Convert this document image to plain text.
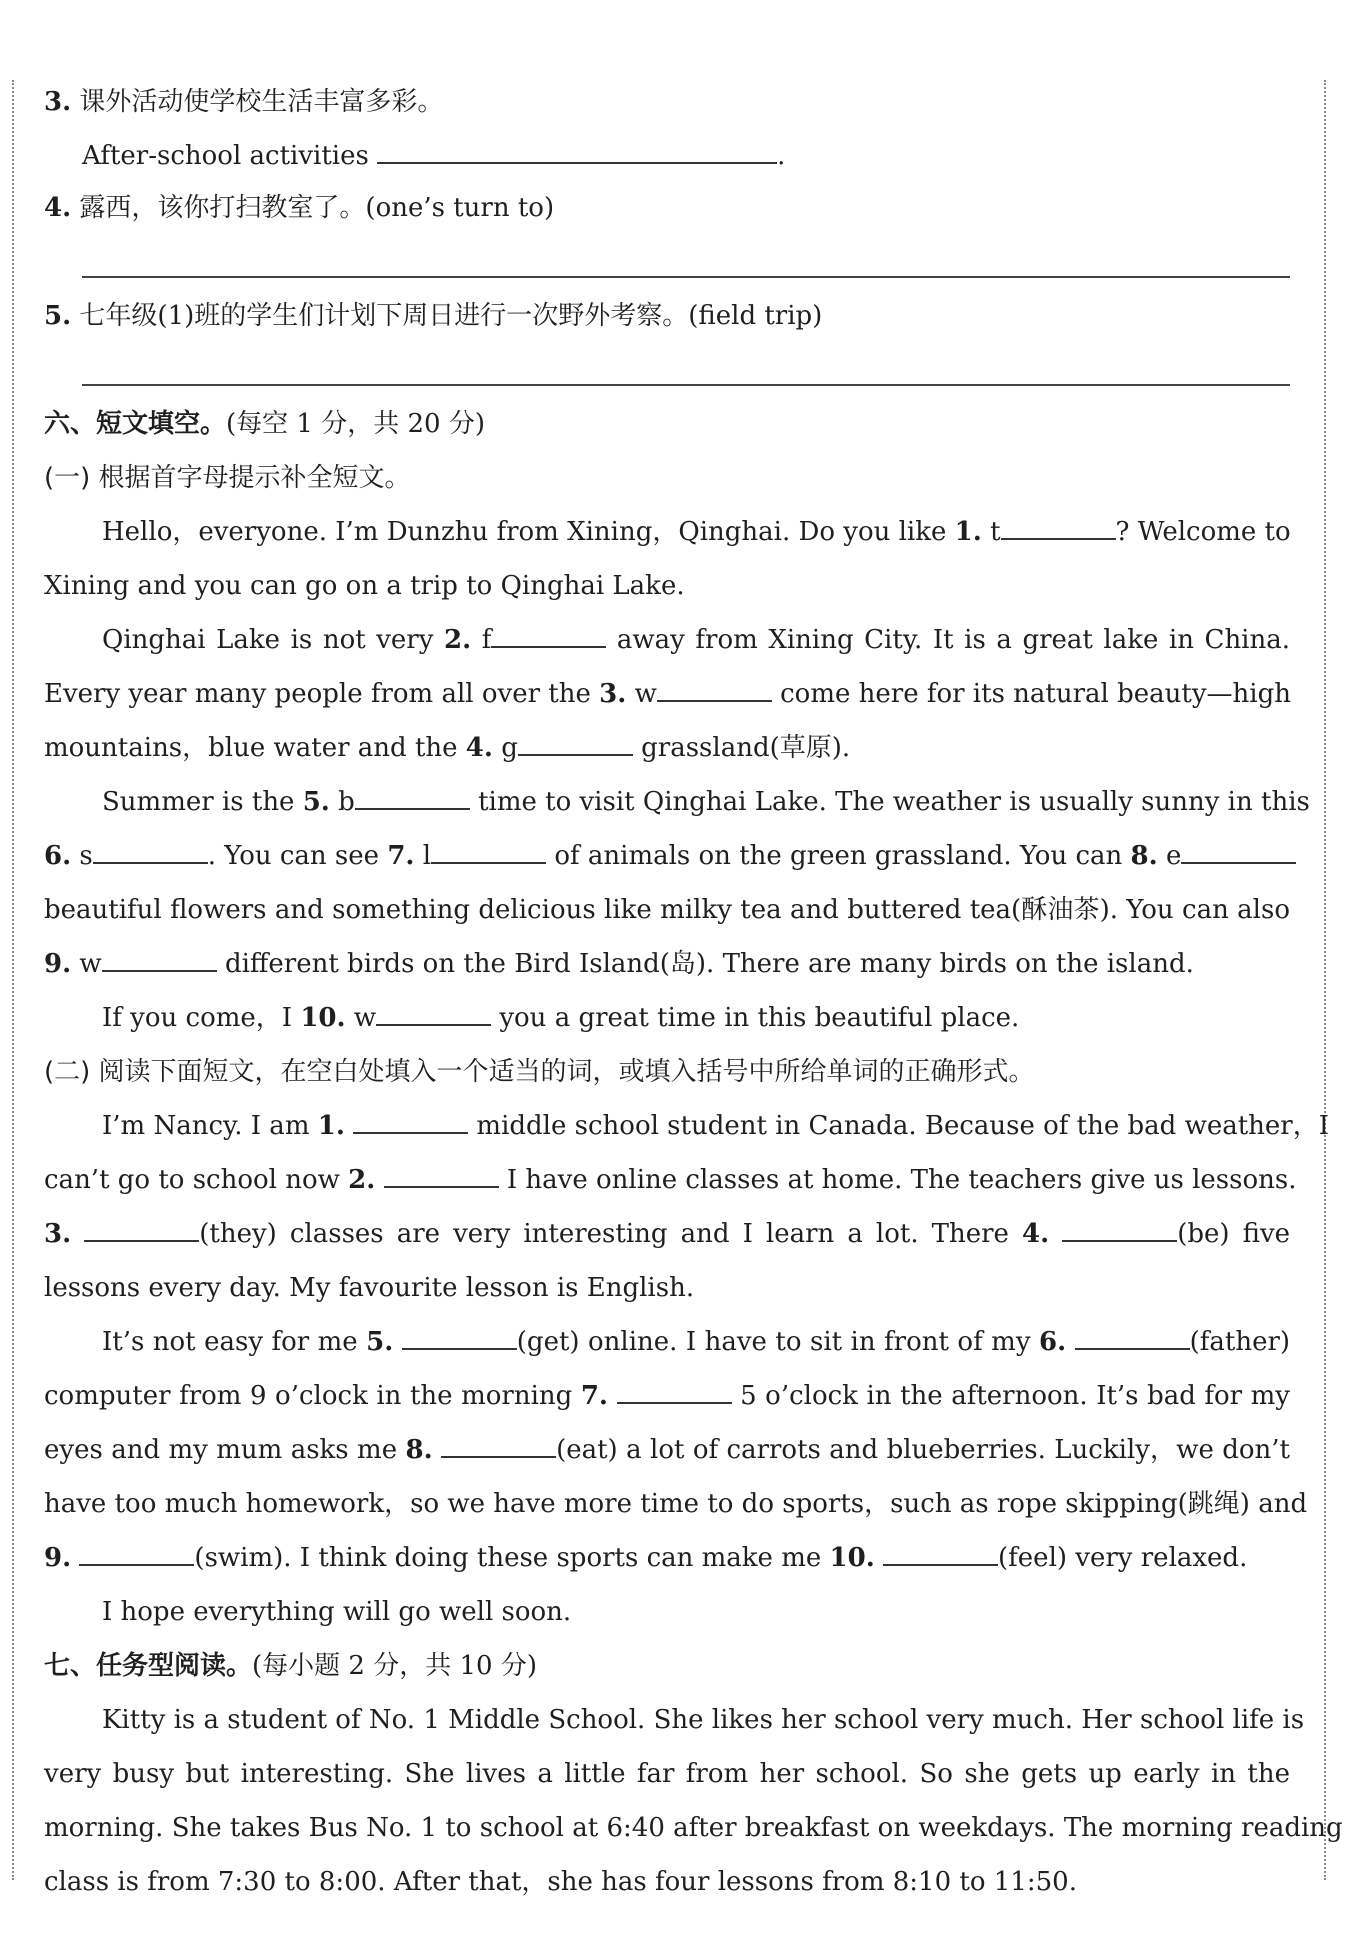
3. 课外活动使学校生活丰富多彩。
After-school activities	.
4. 露西，该你打扫教室了。(one’s turn to)
5. 七年级(1)班的学生们计划下周日进行一次野外考察。(field trip)
六、短文填空。(每空 1 分，共 20 分)
(一) 根据首字母提示补全短文。
Hello，everyone. I’m Dunzhu from Xining，Qinghai. Do you like 1. t	? Welcome to
Xining and you can go on a trip to Qinghai Lake.
Qinghai Lake is not very 2. f	away from Xining City. It is a great lake in China.
Every year many people from all over the 3. w	come here for its natural beauty—high
mountains，blue water and the 4. g	grassland(草原).
Summer is the 5. b	time to visit Qinghai Lake. The weather is usually sunny in this
6. s	. You can see 7. l	of animals on the green grassland. You can 8. e
beautiful flowers and something delicious like milky tea and buttered tea(酥油茶). You can also
9. w	different birds on the Bird Island(岛). There are many birds on the island.
If you come，I 10. w	you a great time in this beautiful place.
(二) 阅读下面短文，在空白处填入一个适当的词，或填入括号中所给单词的正确形式。
I’m Nancy. I am 1.	middle school student in Canada. Because of the bad weather，I
can’t go to school now 2.	I have online classes at home. The teachers give us lessons.
3.	(they) classes are very interesting and I learn a lot. There 4.	(be) five
lessons every day. My favourite lesson is English.
It’s not easy for me 5.	(get) online. I have to sit in front of my 6.	(father)
computer from 9 o’clock in the morning 7.	5 o’clock in the afternoon. It’s bad for my
eyes and my mum asks me 8.	(eat) a lot of carrots and blueberries. Luckily，we don’t
have too much homework，so we have more time to do sports，such as rope skipping(跳绳) and
9.	(swim). I think doing these sports can make me 10.	(feel) very relaxed.
I hope everything will go well soon.
七、任务型阅读。(每小题 2 分，共 10 分)
Kitty is a student of No. 1 Middle School. She likes her school very much. Her school life is
very busy but interesting. She lives a little far from her school. So she gets up early in the
morning. She takes Bus No. 1 to school at 6:40 after breakfast on weekdays. The morning reading
class is from 7:30 to 8:00. After that，she has four lessons from 8:10 to 11:50.
